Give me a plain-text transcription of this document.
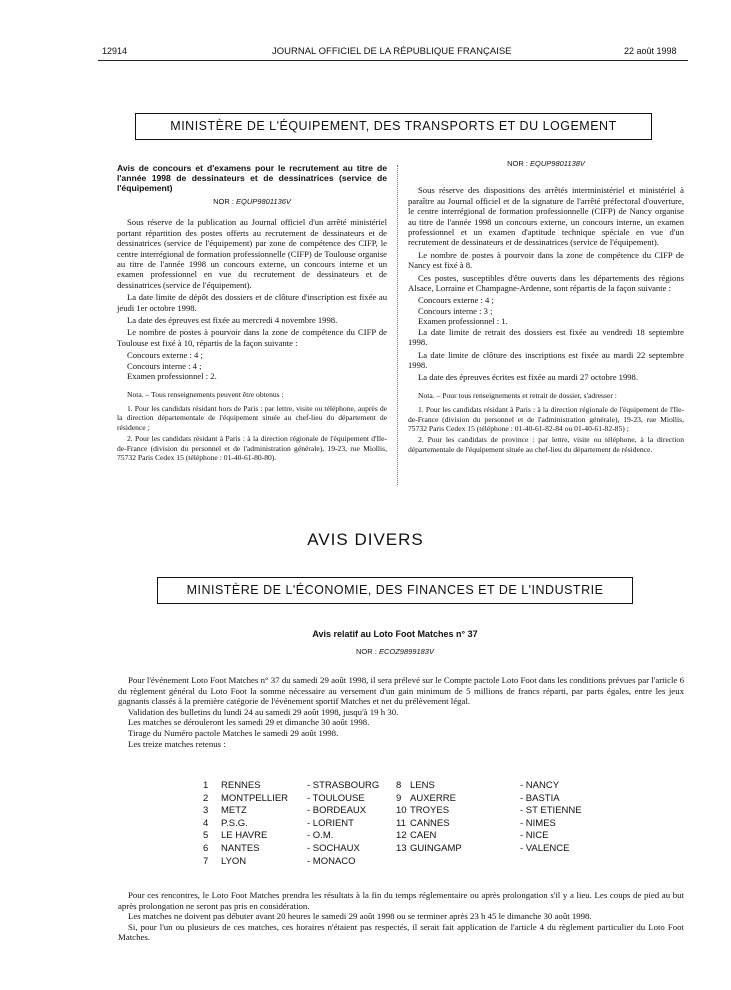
12914	JOURNAL OFFICIEL DE LA RÉPUBLIQUE FRANÇAISE	22 août 1998
MINISTÈRE DE L'ÉQUIPEMENT, DES TRANSPORTS ET DU LOGEMENT

Avis de concours et d'examens pour le recrutement au titre de l'année 1998 de dessinateurs et de dessinatrices (service de l'équipement)

NOR : EQUP9801136V

Sous réserve de la publication au Journal officiel d'un arrêté ministériel portant répartition des postes offerts au recrutement de dessinateurs et de dessinatrices (service de l'équipement) par zone de compétence des CIFP, le centre interrégional de formation professionnelle (CIFP) de Toulouse organise au titre de l'année 1998 un concours externe, un concours interne et un examen professionnel en vue du recrutement de dessinateurs et de dessinatrices (service de l'équipement).

La date limite de dépôt des dossiers et de clôture d'inscription est fixée au jeudi 1er octobre 1998.

La date des épreuves est fixée au mercredi 4 novembre 1998.

Le nombre de postes à pourvoir dans la zone de compétence du CIFP de Toulouse est fixé à 10, répartis de la façon suivante :

Concours externe : 4 ;

Concours interne : 4 ;

Examen professionnel : 2.

Nota. – Tous renseignements peuvent être obtenus :

1. Pour les candidats résidant hors de Paris : par lettre, visite ou téléphone, auprès de la direction départementale de l'équipement située au chef-lieu du département de résidence ;

2. Pour les candidats résidant à Paris : à la direction régionale de l'équipement d'Ile-de-France (division du personnel et de l'administration générale), 19-23, rue Miollis, 75732 Paris Cedex 15 (téléphone : 01-40-61-80-80).

NOR : EQUP9801138V

Sous réserve des dispositions des arrêtés interministériel et ministériel à paraître au Journal officiel et de la signature de l'arrêté préfectoral d'ouverture, le centre interrégional de formation professionnelle (CIFP) de Nancy organise au titre de l'année 1998 un concours externe, un concours interne, un examen professionnel et un examen d'aptitude technique spéciale en vue d'un recrutement de dessinateurs et de dessinatrices (service de l'équipement).

Le nombre de postes à pourvoir dans la zone de compétence du CIFP de Nancy est fixé à 8.

Ces postes, susceptibles d'être ouverts dans les départements des régions Alsace, Lorraine et Champagne-Ardenne, sont répartis de la façon suivante :

Concours externe : 4 ;

Concours interne : 3 ;

Examen professionnel : 1.

La date limite de retrait des dossiers est fixée au vendredi 18 septembre 1998.

La date limite de clôture des inscriptions est fixée au mardi 22 septembre 1998.

La date des épreuves écrites est fixée au mardi 27 octobre 1998.

Nota. – Pour tous renseignements et retrait de dossier, s'adresser :

1. Pour les candidats résidant à Paris : à la direction régionale de l'équipement de l'Ile-de-France (division du personnel et de l'administration générale), 19-23, rue Miollis, 75732 Paris Cedex 15 (téléphone : 01-40-61-82-84 ou 01-40-61-82-85) ;

2. Pour les candidats de province : par lettre, visite ou téléphone, à la direction départementale de l'équipement située au chef-lieu du département de résidence.

AVIS DIVERS
MINISTÈRE DE L'ÉCONOMIE, DES FINANCES ET DE L'INDUSTRIE
Avis relatif au Loto Foot Matches n° 37
NOR : ECOZ9899183V

Pour l'événement Loto Foot Matches n° 37 du samedi 29 août 1998, il sera prélevé sur le Compte pactole Loto Foot dans les conditions prévues par l'article 6 du règlement général du Loto Foot la somme nécessaire au versement d'un gain minimum de 5 millions de francs réparti, par parts égales, entre les jeux gagnants classés à la première catégorie de l'événement sportif Matches et net du prélèvement légal.

Validation des bulletins du lundi 24 au samedi 29 août 1998, jusqu'à 19 h 30.

Les matches se dérouleront les samedi 29 et dimanche 30 août 1998.

Tirage du Numéro pactole Matches le samedi 29 août 1998.

Les treize matches retenus :

1 RENNES	- STRASBOURG
2 MONTPELLIER - TOULOUSE
3 METZ	- BORDEAUX
4 P.S.G.	- LORIENT
5 LE HAVRE	- O.M.
6 NANTES	- SOCHAUX
7 LYON	- MONACO
8 LENS	- NANCY
9 AUXERRE	- BASTIA
10 TROYES	- ST ETIENNE
11 CANNES	- NIMES
12 CAEN	- NICE
13 GUINGAMP	- VALENCE

Pour ces rencontres, le Loto Foot Matches prendra les résultats à la fin du temps réglementaire ou après prolongation s'il y a lieu. Les coups de pied au but après prolongation ne seront pas pris en considération.

Les matches ne doivent pas débuter avant 20 heures le samedi 29 août 1998 ou se terminer après 23 h 45 le dimanche 30 août 1998.

Si, pour l'un ou plusieurs de ces matches, ces horaires n'étaient pas respectés, il serait fait application de l'article 4 du règlement particulier du Loto Foot Matches.
